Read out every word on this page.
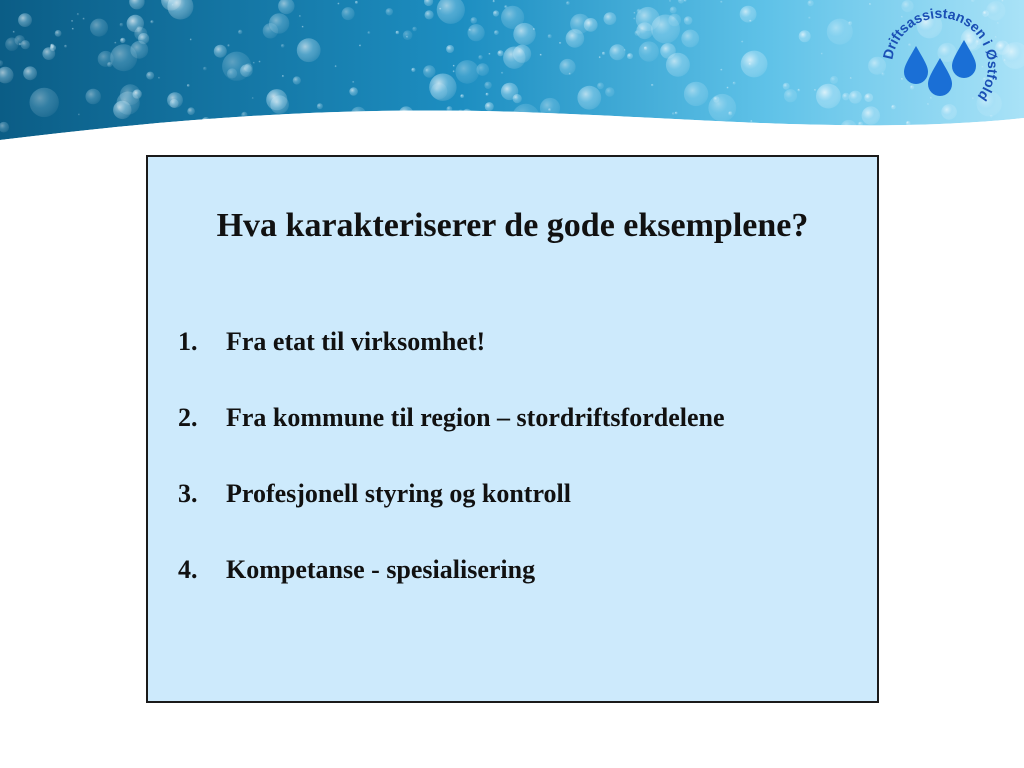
Driftsassistansen i Østfold
Hva karakteriserer de gode eksemplene?
1.	Fra etat til virksomhet!
2.	Fra kommune til region – stordriftsfordelene
3.	Profesjonell styring og kontroll
4.	Kompetanse - spesialisering
